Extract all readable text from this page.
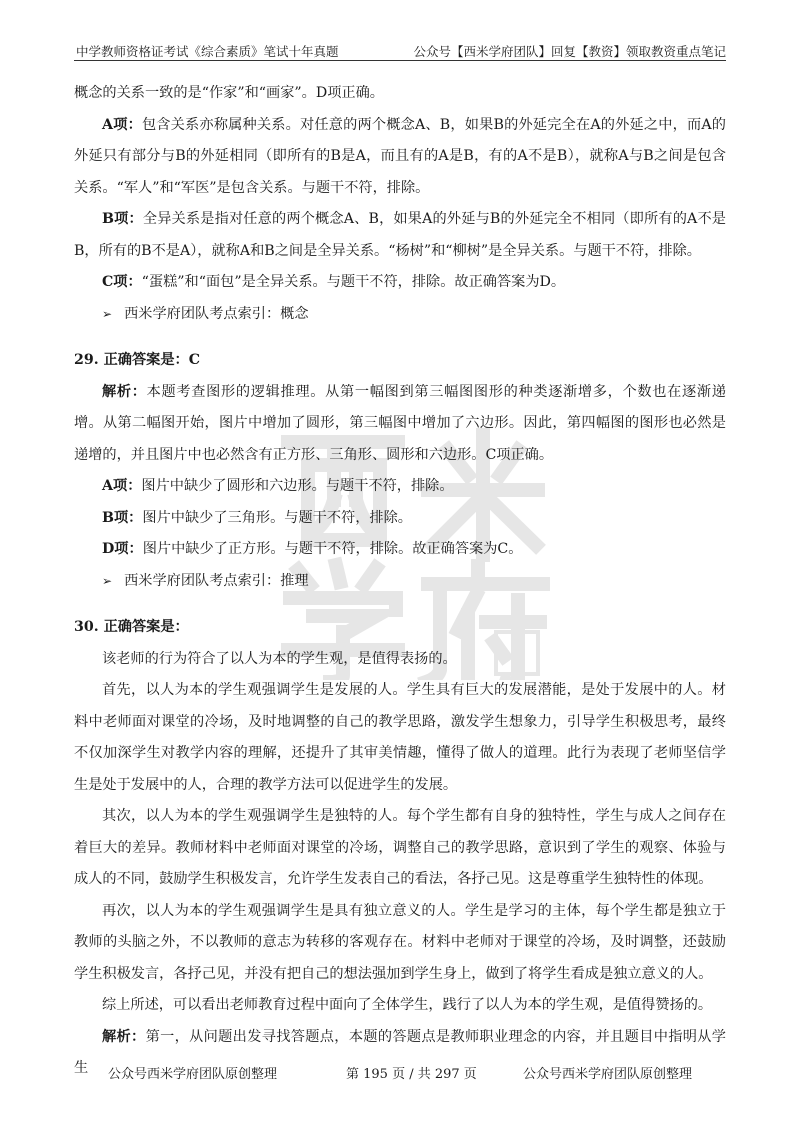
中学教师资格证考试《综合素质》笔试十年真题	公众号【西米学府团队】回复【教资】领取教资重点笔记

概念的关系一致的是“作家”和“画家”。D项正确。

A项：包含关系亦称属种关系。对任意的两个概念A、B，如果B的外延完全在A的外延之中，而A的外延只有部分与B的外延相同（即所有的B是A，而且有的A是B，有的A不是B），就称A与B之间是包含关系。“军人”和“军医”是包含关系。与题干不符，排除。

B项：全异关系是指对任意的两个概念A、B，如果A的外延与B的外延完全不相同（即所有的A不是B，所有的B不是A），就称A和B之间是全异关系。“杨树”和“柳树”是全异关系。与题干不符，排除。

C项：“蛋糕”和“面包”是全异关系。与题干不符，排除。故正确答案为D。

➢ 西米学府团队考点索引：概念

29. 正确答案是：C

解析：本题考查图形的逻辑推理。从第一幅图到第三幅图图形的种类逐渐增多，个数也在逐渐递增。从第二幅图开始，图片中增加了圆形，第三幅图中增加了六边形。因此，第四幅图的图形也必然是递增的，并且图片中也必然含有正方形、三角形、圆形和六边形。C项正确。

A项：图片中缺少了圆形和六边形。与题干不符，排除。

B项：图片中缺少了三角形。与题干不符，排除。

D项：图片中缺少了正方形。与题干不符，排除。故正确答案为C。

➢ 西米学府团队考点索引：推理

30. 正确答案是：

该老师的行为符合了以人为本的学生观，是值得表扬的。

首先，以人为本的学生观强调学生是发展的人。学生具有巨大的发展潜能，是处于发展中的人。材料中老师面对课堂的冷场，及时地调整的自己的教学思路，激发学生想象力，引导学生积极思考，最终不仅加深学生对教学内容的理解，还提升了其审美情趣，懂得了做人的道理。此行为表现了老师坚信学生是处于发展中的人，合理的教学方法可以促进学生的发展。

其次，以人为本的学生观强调学生是独特的人。每个学生都有自身的独特性，学生与成人之间存在着巨大的差异。教师材料中老师面对课堂的冷场，调整自己的教学思路，意识到了学生的观察、体验与成人的不同，鼓励学生积极发言，允许学生发表自己的看法，各抒己见。这是尊重学生独特性的体现。

再次，以人为本的学生观强调学生是具有独立意义的人。学生是学习的主体，每个学生都是独立于教师的头脑之外，不以教师的意志为转移的客观存在。材料中老师对于课堂的冷场，及时调整，还鼓励学生积极发言，各抒己见，并没有把自己的想法强加到学生身上，做到了将学生看成是独立意义的人。

综上所述，可以看出老师教育过程中面向了全体学生，践行了以人为本的学生观，是值得赞扬的。

解析：第一，从问题出发寻找答题点，本题的答题点是教师职业理念的内容，并且题目中指明从学生	公众号西米学府团队原创整理	第 195 页 / 共 297 页	公众号西米学府团队原创整理
